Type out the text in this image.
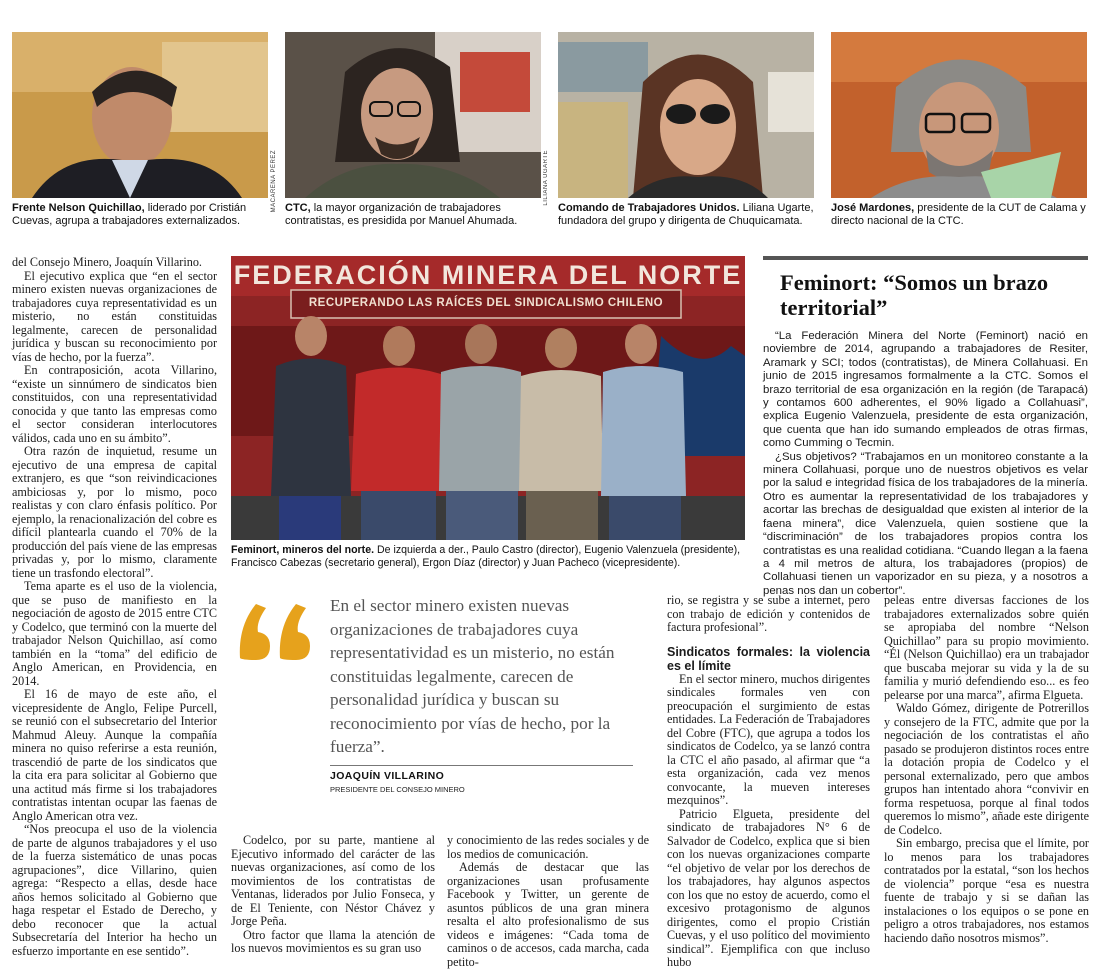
MACARENA PÉREZ	LILIANA UGARTE
Frente Nelson Quichillao, liderado por Cristián Cuevas, agrupa a trabajadores externalizados.
CTC, la mayor organización de trabajadores contratistas, es presidida por Manuel Ahumada.
Comando de Trabajadores Unidos. Liliana Ugarte, fundadora del grupo y dirigenta de Chuquicamata.
José Mardones, presidente de la CUT de Calama y directo nacional de la CTC.

del Consejo Minero, Joaquín Villarino.

El ejecutivo explica que “en el sector minero existen nuevas organizaciones de trabajadores cuya representatividad es un misterio, no están constituidas legalmente, carecen de personalidad jurídica y buscan su reconocimiento por vías de hecho, por la fuerza”.

En contraposición, acota Villarino, “existe un sinnúmero de sindicatos bien constituidos, con una representatividad conocida y que tanto las empresas como el sector consideran interlocutores válidos, cada uno en su ámbito”.

Otra razón de inquietud, resume un ejecutivo de una empresa de capital extranjero, es que “son reivindicaciones ambiciosas y, por lo mismo, poco realistas y con claro énfasis político. Por ejemplo, la renacionalización del cobre es difícil plantearla cuando el 70% de la producción del país viene de las empresas privadas y, por lo mismo, claramente tiene un trasfondo electoral”.

Tema aparte es el uso de la violencia, que se puso de manifiesto en la negociación de agosto de 2015 entre CTC y Codelco, que terminó con la muerte del trabajador Nelson Quichillao, así como también en la “toma” del edificio de Anglo American, en Providencia, en 2014.

El 16 de mayo de este año, el vicepresidente de Anglo, Felipe Purcell, se reunió con el subsecretario del Interior Mahmud Aleuy. Aunque la compañía minera no quiso referirse a esta reunión, trascendió de parte de los sindicatos que la cita era para solicitar al Gobierno que una actitud más firme si los trabajadores contratistas intentan ocupar las faenas de Anglo American otra vez.

“Nos preocupa el uso de la violencia de parte de algunos trabajadores y el uso de la fuerza sistemático de unas pocas agrupaciones”, dice Villarino, quien agrega: “Respecto a ellas, desde hace años hemos solicitado al Gobierno que haga respetar el Estado de Derecho, y debo reconocer que la actual Subsecretaría del Interior ha hecho un esfuerzo importante en ese sentido”.

FEDERACIÓN MINERA DEL NORTE
RECUPERANDO LAS RAÍCES DEL SINDICALISMO CHILENO
Feminort, mineros del norte. De izquierda a der., Paulo Castro (director), Eugenio Valenzuela (presidente), Francisco Cabezas (secretario general), Ergon Díaz (director) y Juan Pacheco (vicepresidente).
Feminort: “Somos un brazo territorial”

“La Federación Minera del Norte (Feminort) nació en noviembre de 2014, agrupando a trabajadores de Resiter, Aramark y SCI; todos (contratistas), de Minera Collahuasi. En junio de 2015 ingresamos formalmente a la CTC. Somos el brazo territorial de esa organización en la región (de Tarapacá) y contamos 600 adherentes, el 90% ligado a Collahuasi”, explica Eugenio Valenzuela, presidente de esta organización, que cuenta que han ido sumando empleados de otras firmas, como Cumming o Tecmin.

¿Sus objetivos? “Trabajamos en un monitoreo constante a la minera Collahuasi, porque uno de nuestros objetivos es velar por la salud e integridad física de los trabajadores de la minería. Otro es aumentar la representatividad de los trabajadores y acortar las brechas de desigualdad que existen al interior de la faena minera”, dice Valenzuela, quien sostiene que la “discriminación” de los trabajadores propios contra los contratistas es una realidad cotidiana. “Cuando llegan a la faena a 4 mil metros de altura, los trabajadores (propios) de Collahuasi tienen un vaporizador en su pieza, y a nosotros a penas nos dan un cobertor”.

En el sector minero existen nuevas organizaciones de trabajadores cuya representatividad es un misterio, no están constituidas legalmente, carecen de personalidad jurídica y buscan su reconocimiento por vías de hecho, por la fuerza”.
JOAQUÍN VILLARINO
PRESIDENTE DEL CONSEJO MINERO

Codelco, por su parte, mantiene al Ejecutivo informado del carácter de las nuevas organizaciones, así como de los movimientos de los contratistas de Ventanas, liderados por Julio Fonseca, y de El Teniente, con Néstor Chávez y Jorge Peña.

Otro factor que llama la atención de los nuevos movimientos es su gran uso

y conocimiento de las redes sociales y de los medios de comunicación.

Además de destacar que las organizaciones usan profusamente Facebook y Twitter, un gerente de asuntos públicos de una gran minera resalta el alto profesionalismo de sus videos e imágenes: “Cada toma de caminos o de accesos, cada marcha, cada petito-

rio, se registra y se sube a internet, pero con trabajo de edición y contenidos de factura profesional”.

Sindicatos formales: la violencia es el límite

En el sector minero, muchos dirigentes sindicales formales ven con preocupación el surgimiento de estas entidades. La Federación de Trabajadores del Cobre (FTC), que agrupa a todos los sindicatos de Codelco, ya se lanzó contra la CTC el año pasado, al afirmar que “a esta organización, cada vez menos convocante, la mueven intereses mezquinos”.

Patricio Elgueta, presidente del sindicato de trabajadores N° 6 de Salvador de Codelco, explica que si bien con los nuevas organizaciones comparte “el objetivo de velar por los derechos de los trabajadores, hay algunos aspectos con los que no estoy de acuerdo, como el excesivo protagonismo de algunos dirigentes, como el propio Cristián Cuevas, y el uso político del movimiento sindical”. Ejemplifica con que incluso hubo

peleas entre diversas facciones de los trabajadores externalizados sobre quién se apropiaba del nombre “Nelson Quichillao” para su propio movimiento. “Él (Nelson Quichillao) era un trabajador que buscaba mejorar su vida y la de su familia y murió defendiendo eso... es feo pelearse por una marca”, afirma Elgueta.

Waldo Gómez, dirigente de Potrerillos y consejero de la FTC, admite que por la negociación de los contratistas el año pasado se produjeron distintos roces entre la dotación propia de Codelco y el personal externalizado, pero que ambos grupos han intentado ahora “convivir en forma respetuosa, porque al final todos queremos lo mismo”, añade este dirigente de Codelco.

Sin embargo, precisa que el límite, por lo menos para los trabajadores contratados por la estatal, “son los hechos de violencia” porque “esa es nuestra fuente de trabajo y si se dañan las instalaciones o los equipos o se pone en peligro a otros trabajadores, nos estamos haciendo daño nosotros mismos”.
